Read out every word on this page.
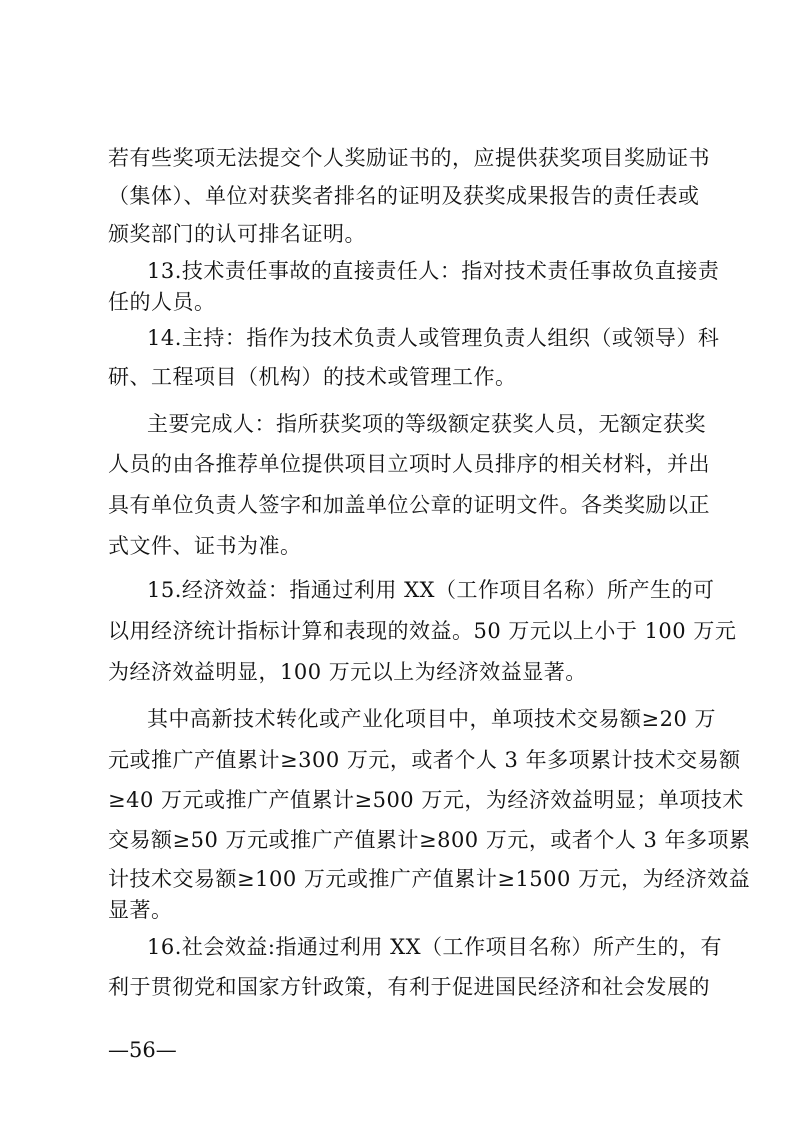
若有些奖项无法提交个人奖励证书的，应提供获奖项目奖励证书
（集体）、单位对获奖者排名的证明及获奖成果报告的责任表或
颁奖部门的认可排名证明。
13.技术责任事故的直接责任人：指对技术责任事故负直接责
任的人员。
14.主持：指作为技术负责人或管理负责人组织（或领导）科
研、工程项目（机构）的技术或管理工作。
主要完成人：指所获奖项的等级额定获奖人员，无额定获奖
人员的由各推荐单位提供项目立项时人员排序的相关材料，并出
具有单位负责人签字和加盖单位公章的证明文件。各类奖励以正
式文件、证书为准。
15.经济效益：指通过利用 XX（工作项目名称）所产生的可
以用经济统计指标计算和表现的效益。50 万元以上小于 100 万元
为经济效益明显，100 万元以上为经济效益显著。
其中高新技术转化或产业化项目中，单项技术交易额≥20 万
元或推广产值累计≥300 万元，或者个人 3 年多项累计技术交易额
≥40 万元或推广产值累计≥500 万元，为经济效益明显；单项技术
交易额≥50 万元或推广产值累计≥800 万元，或者个人 3 年多项累
计技术交易额≥100 万元或推广产值累计≥1500 万元，为经济效益
显著。
16.社会效益:指通过利用 XX（工作项目名称）所产生的，有
利于贯彻党和国家方针政策，有利于促进国民经济和社会发展的
—56—
